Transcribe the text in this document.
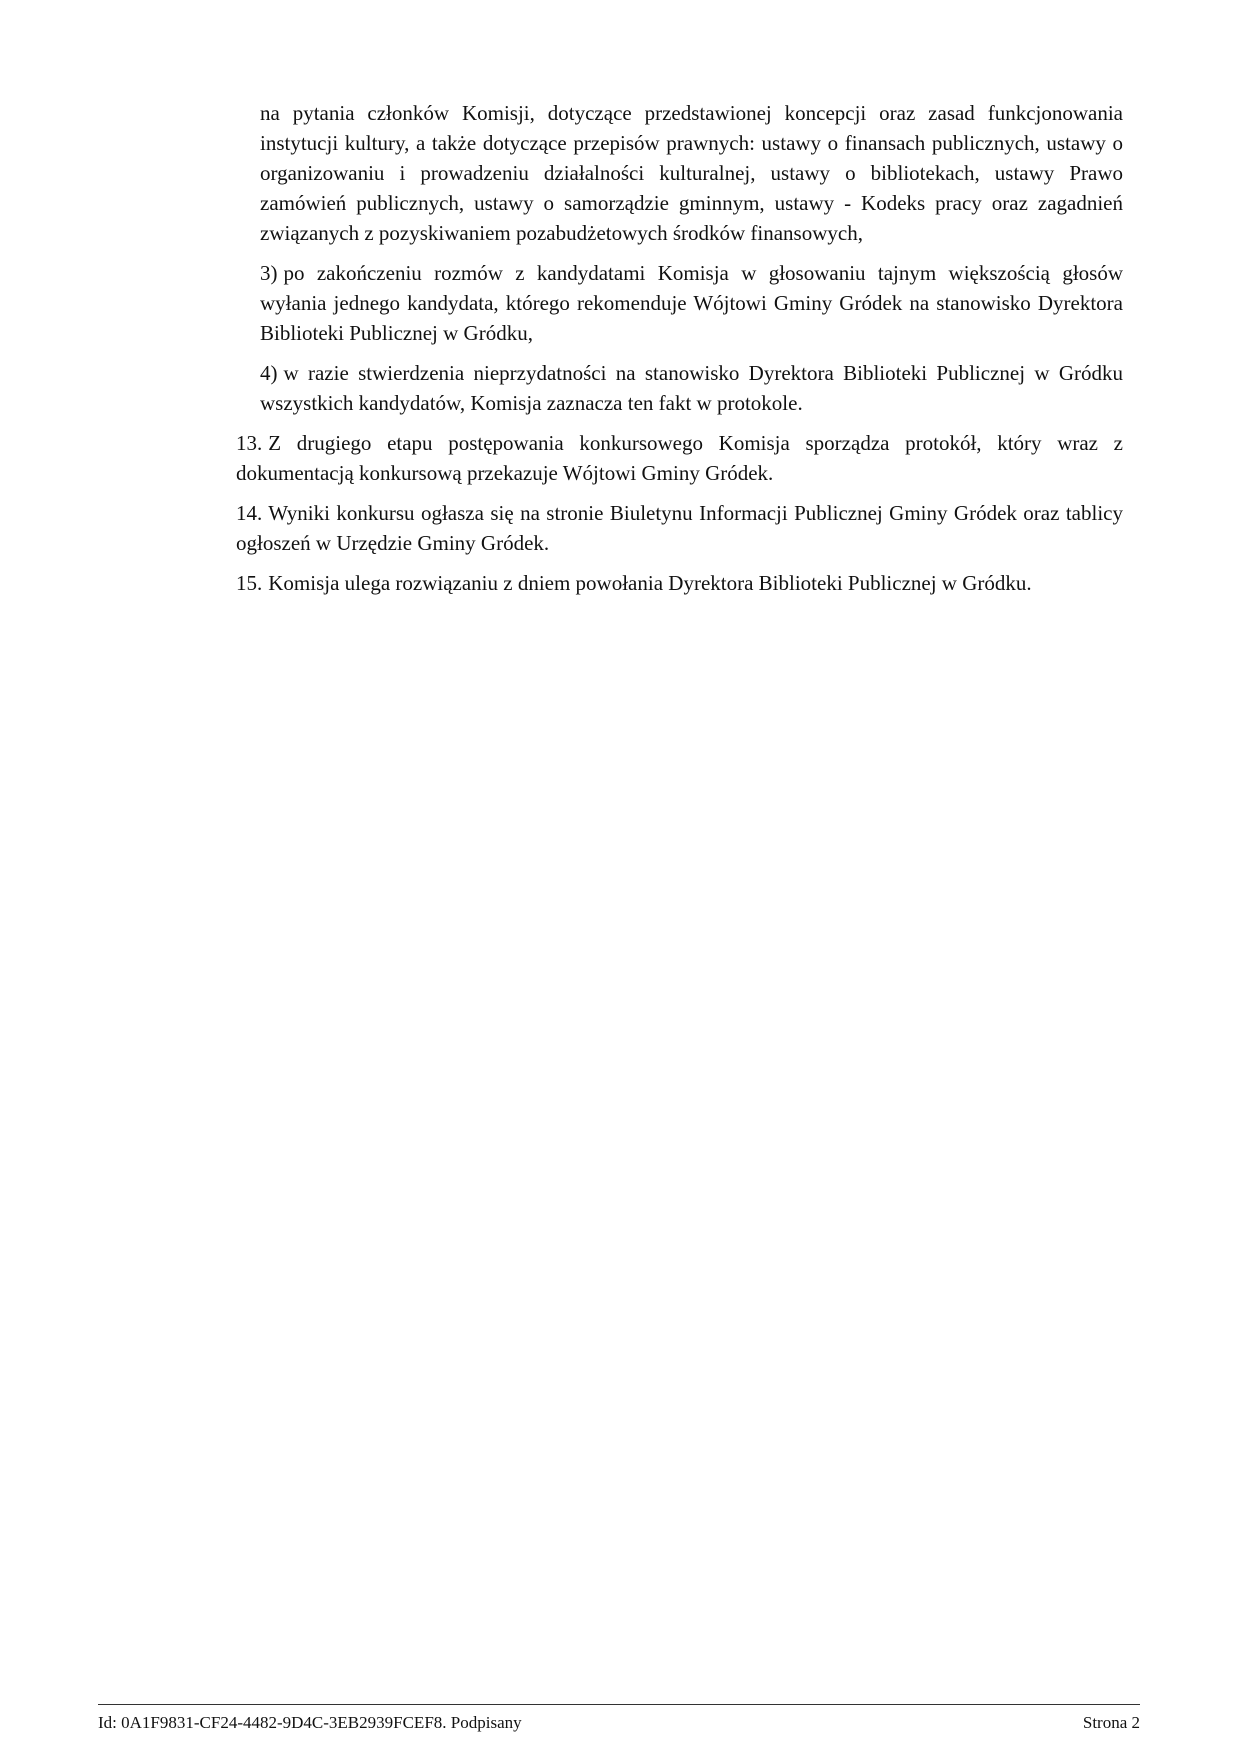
na pytania członków Komisji, dotyczące przedstawionej koncepcji oraz zasad funkcjonowania instytucji kultury, a także dotyczące przepisów prawnych: ustawy o finansach publicznych, ustawy o organizowaniu i prowadzeniu działalności kulturalnej, ustawy o bibliotekach, ustawy Prawo zamówień publicznych, ustawy o samorządzie gminnym, ustawy - Kodeks pracy oraz zagadnień związanych z pozyskiwaniem pozabudżetowych środków finansowych,

3) po zakończeniu rozmów z kandydatami Komisja w głosowaniu tajnym większością głosów wyłania jednego kandydata, którego rekomenduje Wójtowi Gminy Gródek na stanowisko Dyrektora Biblioteki Publicznej w Gródku,

4) w razie stwierdzenia nieprzydatności na stanowisko Dyrektora Biblioteki Publicznej w Gródku wszystkich kandydatów, Komisja zaznacza ten fakt w protokole.

13. Z drugiego etapu postępowania konkursowego Komisja sporządza protokół, który wraz z dokumentacją konkursową przekazuje Wójtowi Gminy Gródek.

14. Wyniki konkursu ogłasza się na stronie Biuletynu Informacji Publicznej Gminy Gródek oraz tablicy ogłoszeń w Urzędzie Gminy Gródek.

15. Komisja ulega rozwiązaniu z dniem powołania Dyrektora Biblioteki Publicznej w Gródku.

Id: 0A1F9831-CF24-4482-9D4C-3EB2939FCEF8. Podpisany	Strona 2
